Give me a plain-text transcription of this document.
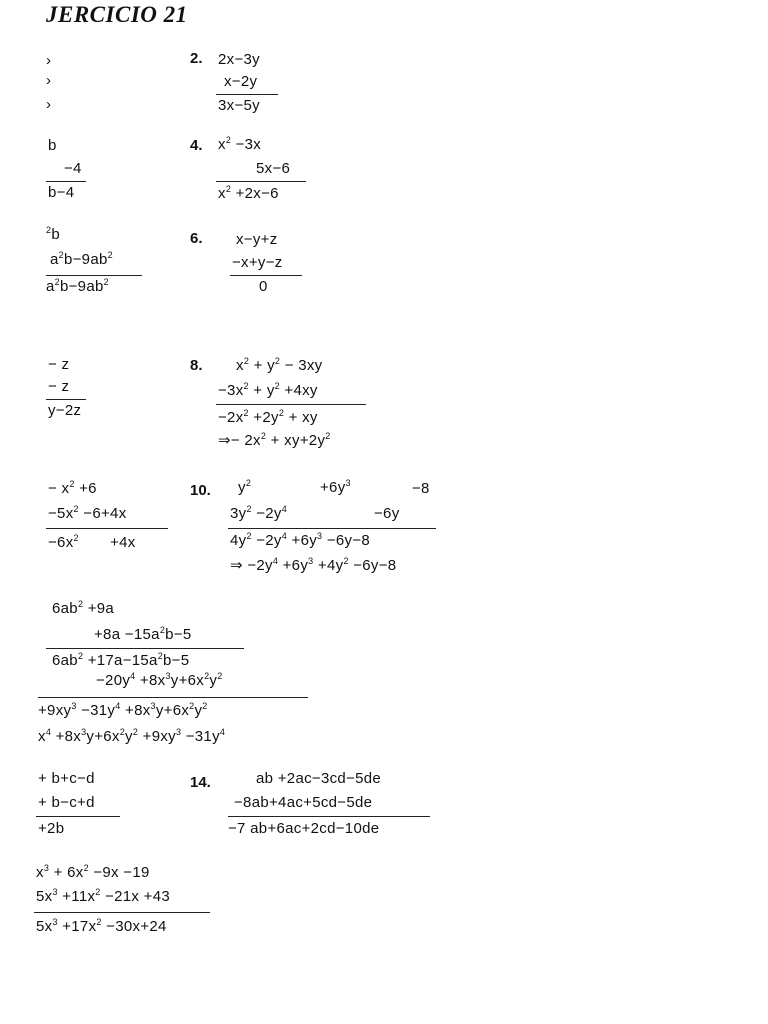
JERCICIO 21
›
›
›
2. 2x−3y
x−2y
3x−5y
b
−4
b−4
4. $x^2 -3x$
5x−6
$x^2 +2x-6$
$^2$b
$a^2b-9ab^2$
$a^2b-9ab^2$
6. x−y+z
−x+y−z
0
− z
− z
y−2z
8. $x^2 + y^2 - 3xy$
$-3x^2 + y^2 +4xy$
$-2x^2 +2y^2$ + xy
⇒− $2x^2 + xy+2y^2$
− $x^2 +6$
$-5x^2 -6+4x$
$-6x^2$       +4x
10. $y^2$	$+6y^3$	−8
$3y^2 -2y^4$	−6y
$4y^2 -2y^4 +6y^3 -6y-8$
⇒ $-2y^4 +6y^3 +4y^2 -6y-8$
$6ab^2 +9a$
$+8a -15a^2b-5$
$6ab^2 +17a-15a^2b-5$
$-20y^4 +8x^3y+6x^2y^2$
$+9xy^3 -31y^4 +8x^3y+6x^2y^2$
$x^4 +8x^3y+6x^2y^2 +9xy^3 -31y^4$
+ b+c−d
+ b−c+d
+2b
14.	ab +2ac−3cd−5de
−8ab+4ac+5cd−5de
−7 ab+6ac+2cd−10de
$x^3 + 6x^2 -9x -19$
$5x^3 +11x^2 -21x +43$
$5x^3 +17x^2 -30x+24$
